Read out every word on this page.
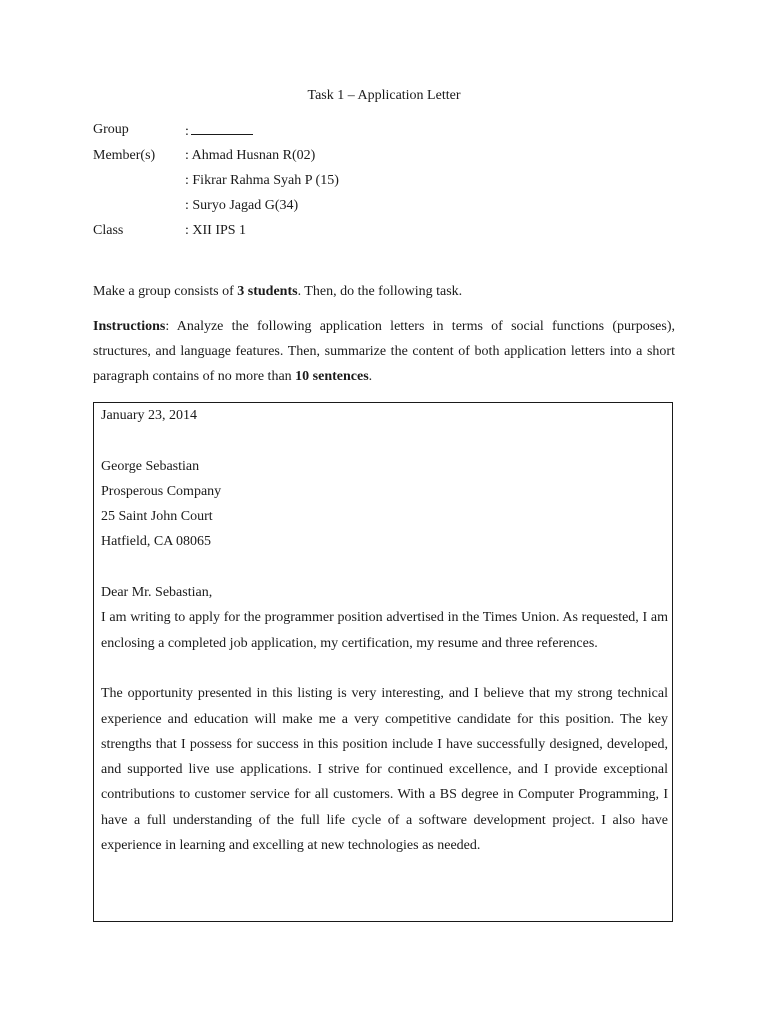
Task 1 – Application Letter
Group	:
Member(s) : Ahmad Husnan R(02)
: Fikrar Rahma Syah P (15)
: Suryo Jagad G(34)
Class	: XII IPS 1
Make a group consists of 3 students. Then, do the following task.
Instructions: Analyze the following application letters in terms of social functions (purposes), structures, and language features. Then, summarize the content of both application letters into a short paragraph contains of no more than 10 sentences.
January 23, 2014
George Sebastian
Prosperous Company
25 Saint John Court
Hatfield, CA 08065
Dear Mr. Sebastian,
I am writing to apply for the programmer position advertised in the Times Union. As requested, I am enclosing a completed job application, my certification, my resume and three references.
The opportunity presented in this listing is very interesting, and I believe that my strong technical experience and education will make me a very competitive candidate for this position. The key strengths that I possess for success in this position include I have successfully designed, developed, and supported live use applications. I strive for continued excellence, and I provide exceptional contributions to customer service for all customers. With a BS degree in Computer Programming, I have a full understanding of the full life cycle of a software development project. I also have experience in learning and excelling at new technologies as needed.
